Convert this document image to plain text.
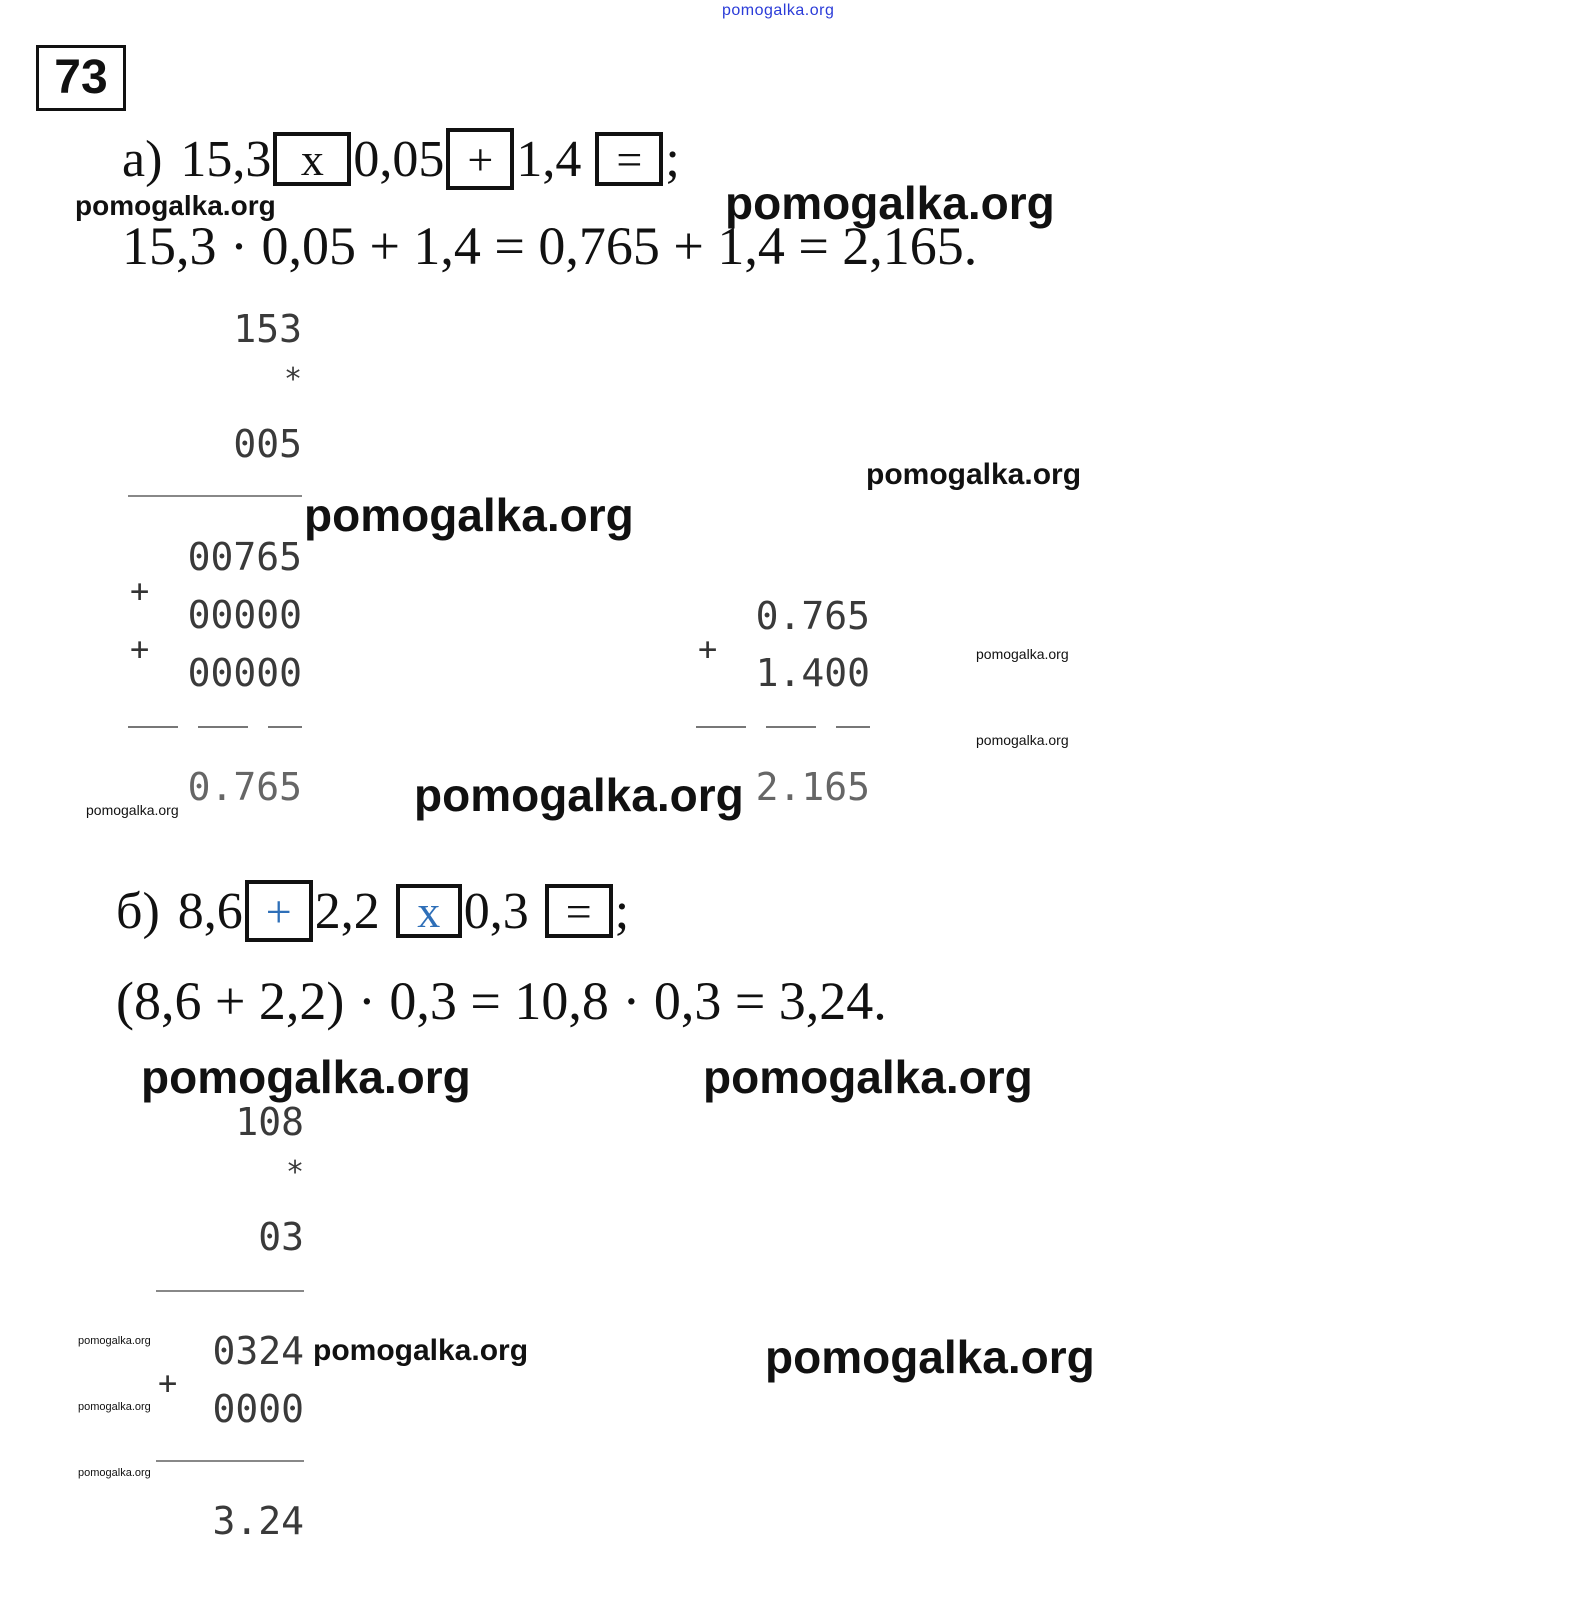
pomogalka.org
73
а) 15,3 x 0,05 + 1,4 = ;
pomogalka.org	pomogalka.org
15,3 · 0,05 + 1,4 = 0,765 + 1,4 = 2,165.
153
*
005
pomogalka.org
pomogalka.org
00765
+
00000
+
00000
0.765
0.765
+
1.400
2.165
pomogalka.org
pomogalka.org
pomogalka.org	pomogalka.org
б) 8,6 + 2,2 x 0,3 = ;
(8,6 + 2,2) · 0,3 = 10,8 · 0,3 = 3,24.
pomogalka.org	pomogalka.org
108
*
03
0324
+
0000
3.24
pomogalka.org	pomogalka.org
pomogalka.org
pomogalka.org
pomogalka.org
